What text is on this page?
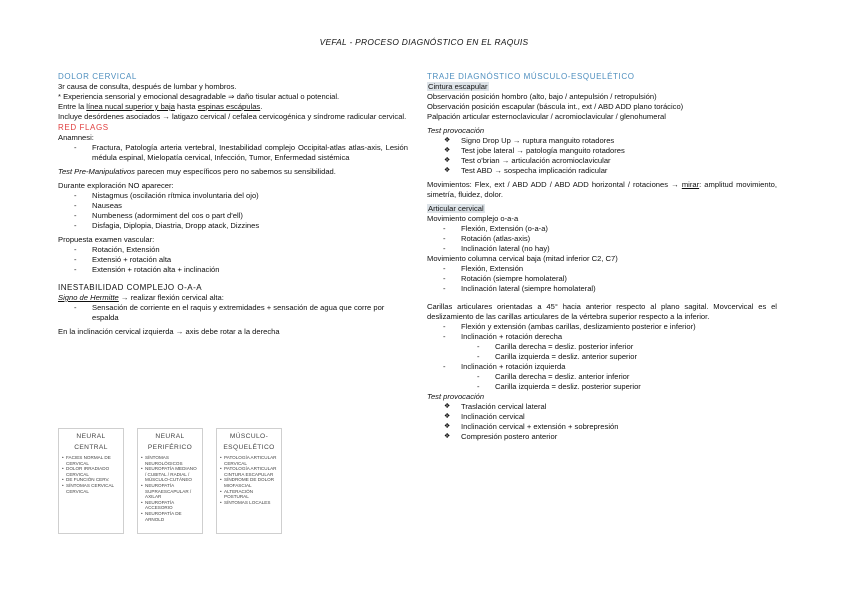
VEFAL - PROCESO DIAGNÓSTICO EN EL RAQUIS

DOLOR CERVICAL

3r causa de consulta, después de lumbar y hombros.

* Experiencia sensorial y emocional desagradable ⇒ daño tisular actual o potencial.

Entre la línea nucal superior y baja hasta espinas escápulas.

Incluye desórdenes asociados → latigazo cervical / cefalea cervicogénica y síndrome radicular cervical.

RED FLAGS

Anamnesi:

- Fractura, Patología arteria vertebral, Inestabilidad complejo Occipital-atlas atlas-axis, Lesión médula espinal, Mielopatía cervical, Infección, Tumor, Enfermedad sistémica

Test Pre-Manipulativos parecen muy específicos pero no sabemos su sensibilidad.

Durante exploración NO aparecer:

- Nistagmus (oscilación rítmica involuntaria del ojo)
- Nauseas
- Numbeness (adormiment del cos o part d'ell)
- Disfagia, Diplopia, Diastria, Dropp atack, Dizzines

Propuesta examen vascular:

- Rotación, Extensión
- Extensió + rotación alta
- Extensión + rotación alta + inclinación

INESTABILIDAD COMPLEJO O-A-A

Signo de Hermitte → realizar flexión cervical alta:

- Sensación de corriente en el raquis y extremidades + sensación de agua que corre por espalda

En la inclinación cervical izquierda → axis debe rotar a la derecha

NEURAL CENTRAL
• FACIES NORMAL DE CERVICAL
• DOLOR IRRADIADO CERVICAL
• DE FUNCIÓN CERV.
• SÍNTOMAS CERVICAL CERVICAL
NEURAL PERIFÉRICO
• SÍNTOMAS NEUROLÓGICOS
• NEUROPATÍA MEDIANO / CUBITAL / RADIAL / MÚSCULO-CUTÁNEO
• NEUROPATÍA SUPRAESCAPULAR / AXILAR
• NEUROPATÍA ACCESORIO
• NEUROPATÍA DE ARNOLD
MÚSCULO-ESQUELÉTICO
• PATOLOGÍA ARTICULAR CERVICAL
• PATOLOGÍA ARTICULAR CINTURA ESCAPULAR
• SÍNDROME DE DOLOR MIOFASCIAL
• ALTERACIÓN POSTURAL
• SÍNTOMAS LOCALES

TRAJE DIAGNÓSTICO MÚSCULO-ESQUELÉTICO

Cintura escapular

Observación posición hombro (alto, bajo / antepulsión / retropulsión)

Observación posición escapular (báscula int., ext / ABD ADD plano torácico)

Palpación articular esternoclavicular / acromioclavicular / glenohumeral

Test provocación

❖ Signo Drop Up → ruptura manguito rotadores
❖ Test jobe lateral → patología manguito rotadores
❖ Test o'brian → articulación acromioclavicular
❖ Test ABD → sospecha implicación radicular

Movimientos: Flex, ext / ABD ADD / ABD ADD horizontal / rotaciones → mirar: amplitud movimiento, simetría, fluidez, dolor.

Articular cervical

Movimiento complejo o-a-a

- Flexión, Extensión (o-a-a)
- Rotación (atlas-axis)
- Inclinación lateral (no hay)

Movimiento columna cervical baja (mitad inferior C2, C7)

- Flexión, Extensión
- Rotación (siempre homolateral)
- Inclinación lateral (siempre homolateral)

Carillas articulares orientadas a 45° hacia anterior respecto al plano sagital. Movcervical es el deslizamiento de las carillas articulares de la vértebra superior respecto a la inferior.

- Flexión y extensión (ambas carillas, deslizamiento posterior e inferior)
- Inclinación + rotación derecha
- Carilla derecha = desliz. posterior inferior
- Carilla izquierda = desliz. anterior superior
- Inclinación + rotación izquierda
- Carilla derecha = desliz. anterior inferior
- Carilla izquierda = desliz. posterior superior

Test provocación

❖ Traslación cervical lateral
❖ Inclinación cervical
❖ Inclinación cervical + extensión + sobrepresión
❖ Compresión postero anterior
